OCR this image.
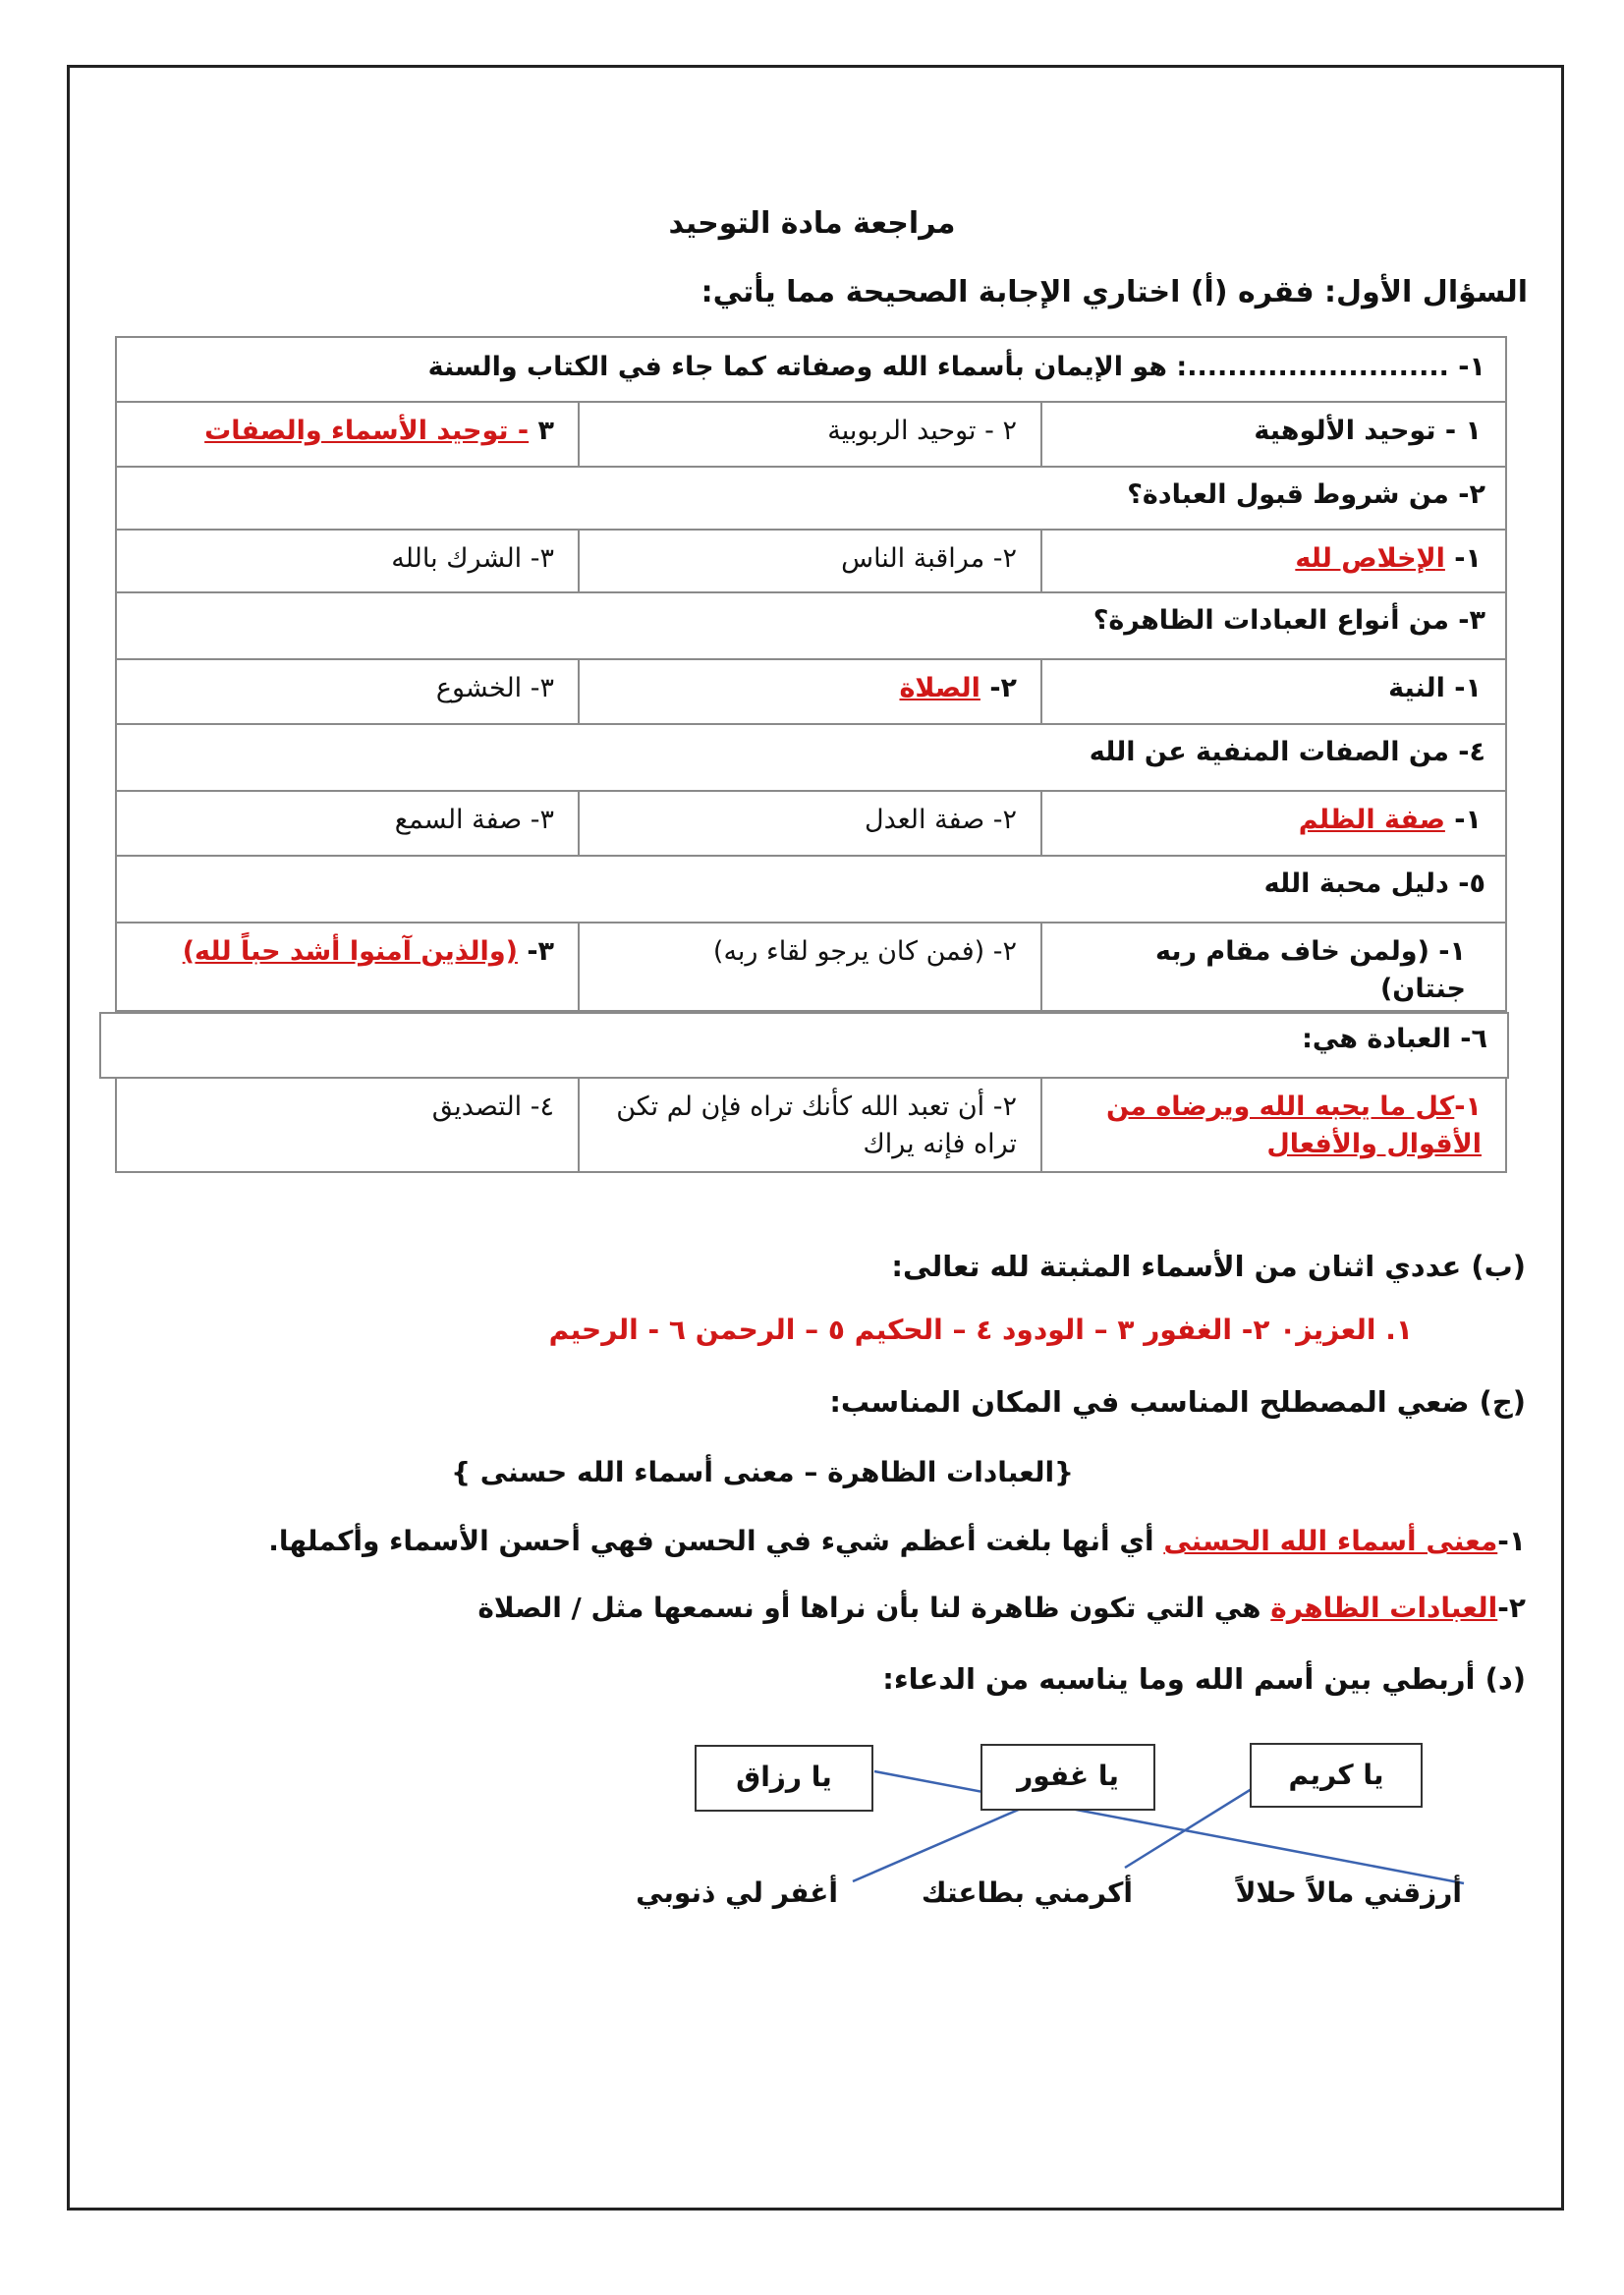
مراجعة مادة التوحيد
السؤال الأول: فقره (أ) اختاري الإجابة الصحيحة مما يأتي:
١- ..........................: هو الإيمان بأسماء الله وصفاته كما جاء في الكتاب والسنة
١ - توحيد الألوهية
٢ - توحيد الربوبية
٣ - توحيد الأسماء والصفات
٢- من شروط قبول العبادة؟
١- الإخلاص لله
٢- مراقبة الناس
٣- الشرك بالله
٣- من أنواع العبادات الظاهرة؟
١- النية
٢- الصلاة
٣- الخشوع
٤- من الصفات المنفية عن الله
١- صفة الظلم
٢- صفة العدل
٣- صفة السمع
٥- دليل محبة الله
١- (ولمن خاف مقام ربه جنتان)
٢- (فمن كان يرجو لقاء ربه)
٣- (والذين آمنوا أشد حباً لله)
٦- العبادة هي:
١-كل ما يحبه الله ويرضاه من الأقوال والأفعال
٢- أن تعبد الله كأنك تراه فإن لم تكن تراه فإنه يراك
٤- التصديق
(ب) عددي اثنان من الأسماء المثبتة لله تعالى:
١. العزيز٠ ٢- الغفور ٣ – الودود ٤ – الحكيم ٥ – الرحمن ٦ - الرحيم
(ج) ضعي المصطلح المناسب في المكان المناسب:
{العبادات الظاهرة – معنى أسماء الله حسنى }
١-معنى أسماء الله الحسنى أي أنها بلغت أعظم شيء في الحسن فهي أحسن الأسماء وأكملها.
٢-العبادات الظاهرة هي التي تكون ظاهرة لنا بأن نراها أو نسمعها مثل / الصلاة
(د) أربطي بين أسم الله وما يناسبه من الدعاء:
يا كريم
يا غفور
يا رزاق
أرزقني مالاً حلالاً
أكرمني بطاعتك
أغفر لي ذنوبي
